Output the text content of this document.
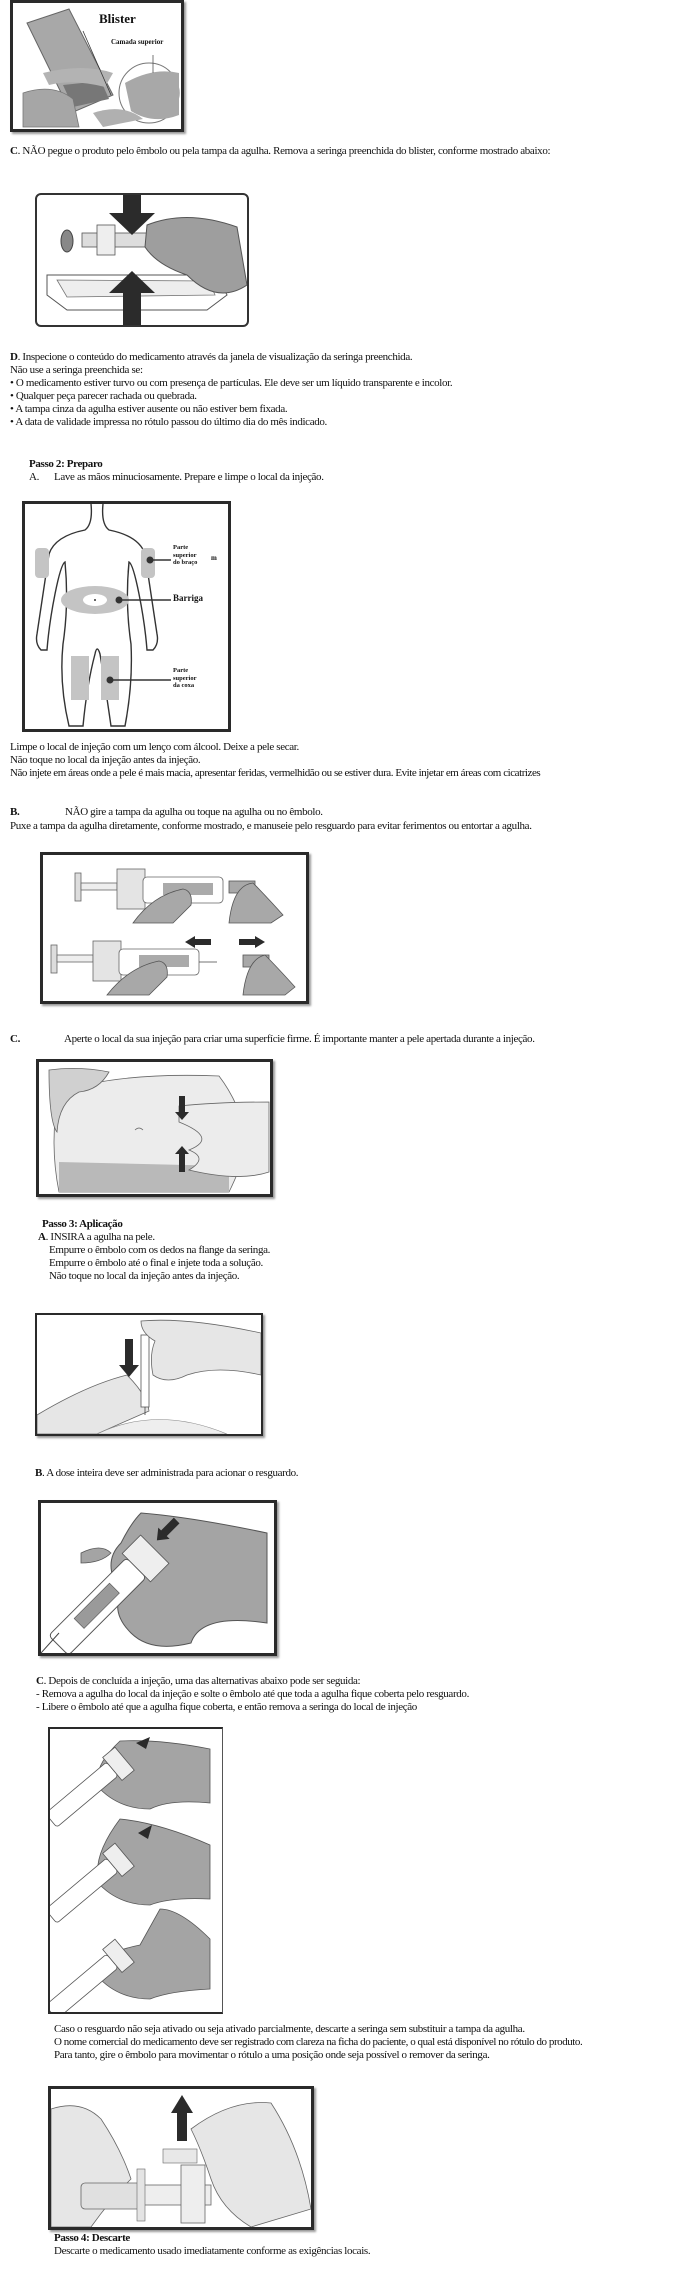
Blister
Camada superior
C. NÃO pegue o produto pelo êmbolo ou pela tampa da agulha. Remova a seringa preenchida do blister, conforme mostrado abaixo:
D. Inspecione o conteúdo do medicamento através da janela de visualização da seringa preenchida.
Não use a seringa preenchida se:
• O medicamento estiver turvo ou com presença de partículas. Ele deve ser um líquido transparente e incolor.
• Qualquer peça parecer rachada ou quebrada.
• A tampa cinza da agulha estiver ausente ou não estiver bem fixada.
• A data de validade impressa no rótulo passou do último dia do mês indicado.
Passo 2: Preparo
A. Lave as mãos minuciosamente. Prepare e limpe o local da injeção.
Parte
superior
do braço
m
Barriga
Parte
superior
da coxa
Limpe o local de injeção com um lenço com álcool. Deixe a pele secar.
Não toque no local da injeção antes da injeção.
Não injete em áreas onde a pele é mais macia, apresentar feridas, vermelhidão ou se estiver dura. Evite injetar em áreas com cicatrizes
B.	NÃO gire a tampa da agulha ou toque na agulha ou no êmbolo.
Puxe a tampa da agulha diretamente, conforme mostrado, e manuseie pelo resguardo para evitar ferimentos ou entortar a agulha.
C.	Aperte o local da sua injeção para criar uma superfície firme. É importante manter a pele apertada durante a injeção.
Passo 3: Aplicação
A. INSIRA a agulha na pele.
Empurre o êmbolo com os dedos na flange da seringa.
Empurre o êmbolo até o final e injete toda a solução.
Não toque no local da injeção antes da injeção.
B. A dose inteira deve ser administrada para acionar o resguardo.
C. Depois de concluída a injeção, uma das alternativas abaixo pode ser seguida:
- Remova a agulha do local da injeção e solte o êmbolo até que toda a agulha fique coberta pelo resguardo.
- Libere o êmbolo até que a agulha fique coberta, e então remova a seringa do local de injeção
Caso o resguardo não seja ativado ou seja ativado parcialmente, descarte a seringa sem substituir a tampa da agulha.
O nome comercial do medicamento deve ser registrado com clareza na ficha do paciente, o qual está disponível no rótulo do produto.
Para tanto, gire o êmbolo para movimentar o rótulo a uma posição onde seja possível o remover da seringa.
Passo 4: Descarte
Descarte o medicamento usado imediatamente conforme as exigências locais.
